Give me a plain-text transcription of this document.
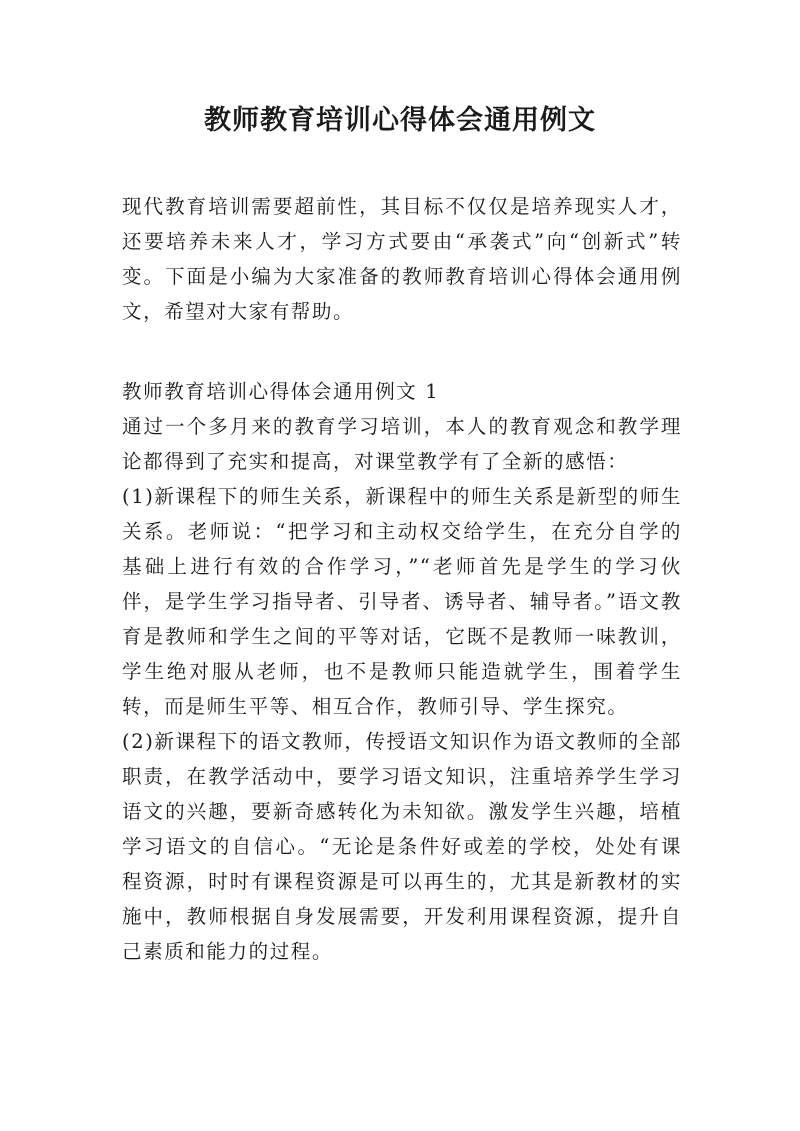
教师教育培训心得体会通用例文

现代教育培训需要超前性，其目标不仅仅是培养现实人才，还要培养未来人才，学习方式要由“承袭式”向“创新式”转变。下面是小编为大家准备的教师教育培训心得体会通用例文，希望对大家有帮助。

教师教育培训心得体会通用例文 1

通过一个多月来的教育学习培训，本人的教育观念和教学理论都得到了充实和提高，对课堂教学有了全新的感悟：

(1)新课程下的师生关系，新课程中的师生关系是新型的师生关系。老师说：“把学习和主动权交给学生，在充分自学的基础上进行有效的合作学习，”“老师首先是学生的学习伙伴，是学生学习指导者、引导者、诱导者、辅导者。”语文教育是教师和学生之间的平等对话，它既不是教师一味教训，学生绝对服从老师，也不是教师只能造就学生，围着学生转，而是师生平等、相互合作，教师引导、学生探究。

(2)新课程下的语文教师，传授语文知识作为语文教师的全部职责，在教学活动中，要学习语文知识，注重培养学生学习语文的兴趣，要新奇感转化为未知欲。激发学生兴趣，培植学习语文的自信心。“无论是条件好或差的学校，处处有课程资源，时时有课程资源是可以再生的，尤其是新教材的实施中，教师根据自身发展需要，开发利用课程资源，提升自己素质和能力的过程。
